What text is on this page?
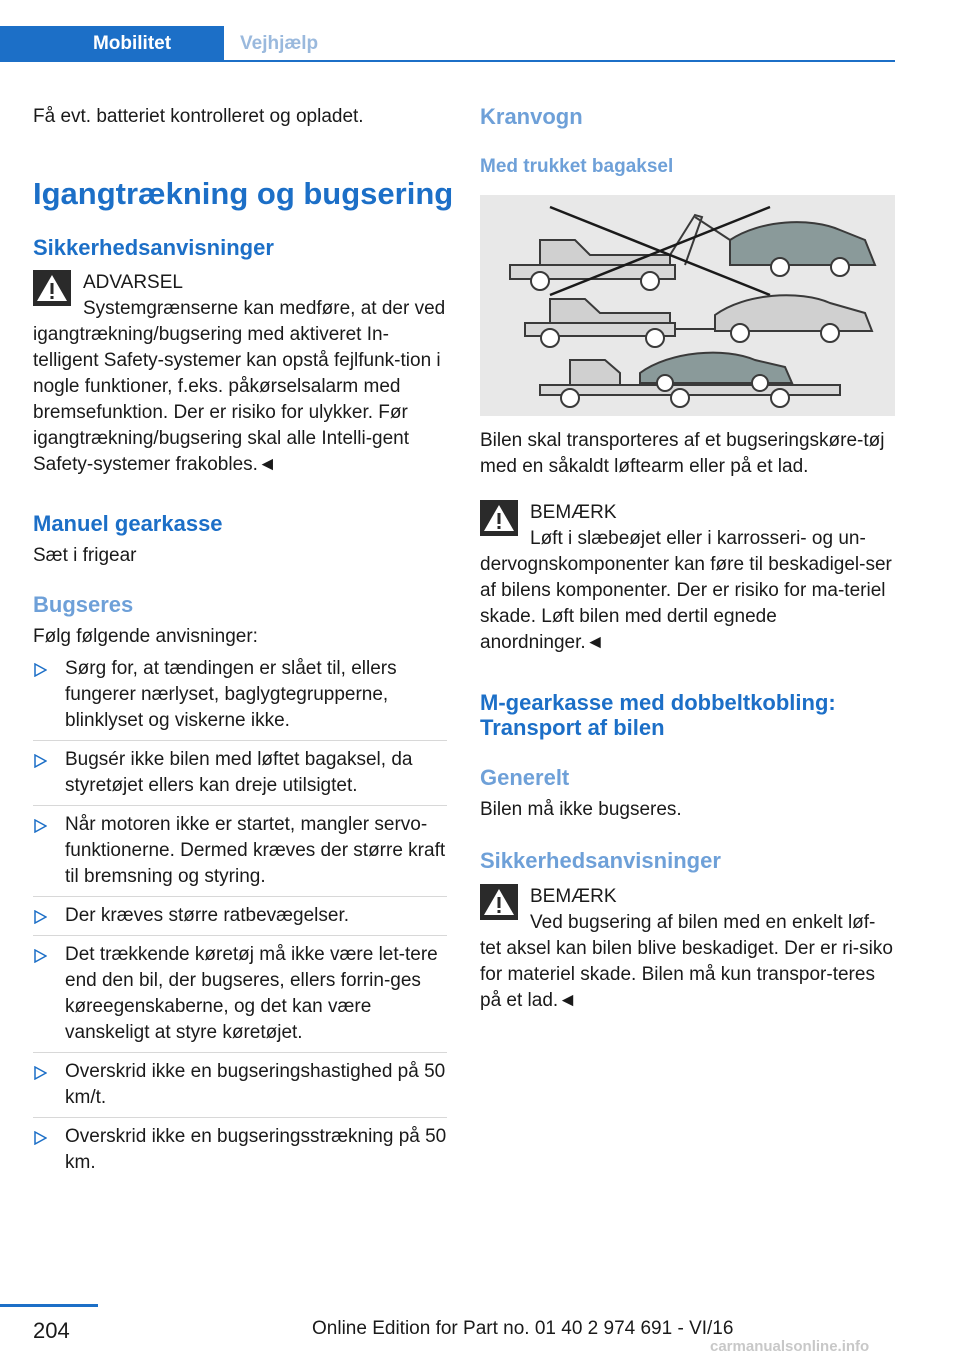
Mobilitet	Vejhjælp

Få evt. batteriet kontrolleret og opladet.

Igangtrækning og bugsering
Sikkerhedsanvisninger
ADVARSEL
Systemgrænserne kan medføre, at der ved igangtrækning/bugsering med aktiveret In-telligent Safety-systemer kan opstå fejlfunk-tion i nogle funktioner, f.eks. påkørselsalarm med bremsefunktion. Der er risiko for ulykker. Før igangtrækning/bugsering skal alle Intelli-gent Safety-systemer frakobles.◄
Manuel gearkasse

Sæt i frigear

Bugseres

Følg følgende anvisninger:

Sørg for, at tændingen er slået til, ellers fungerer nærlyset, baglygtegrupperne, blinklyset og viskerne ikke.
Bugsér ikke bilen med løftet bagaksel, da styretøjet ellers kan dreje utilsigtet.
Når motoren ikke er startet, mangler servo-funktionerne. Dermed kræves der større kraft til bremsning og styring.
Der kræves større ratbevægelser.
Det trækkende køretøj må ikke være let-tere end den bil, der bugseres, ellers forrin-ges køreegenskaberne, og det kan være vanskeligt at styre køretøjet.
Overskrid ikke en bugseringshastighed på 50 km/t.
Overskrid ikke en bugseringsstrækning på 50 km.
Kranvogn
Med trukket bagaksel

Bilen skal transporteres af et bugseringskøre-tøj med en såkaldt løftearm eller på et lad.

BEMÆRK
Løft i slæbeøjet eller i karrosseri- og un-dervognskomponenter kan føre til beskadigel-ser af bilens komponenter. Der er risiko for ma-teriel skade. Løft bilen med dertil egnede anordninger.◄
M-gearkasse med dobbeltkobling: Transport af bilen
Generelt

Bilen må ikke bugseres.

Sikkerhedsanvisninger
BEMÆRK
Ved bugsering af bilen med en enkelt løf-tet aksel kan bilen blive beskadiget. Der er ri-siko for materiel skade. Bilen må kun transpor-teres på et lad.◄
204	Online Edition for Part no. 01 40 2 974 691 - VI/16
carmanualsonline.info
